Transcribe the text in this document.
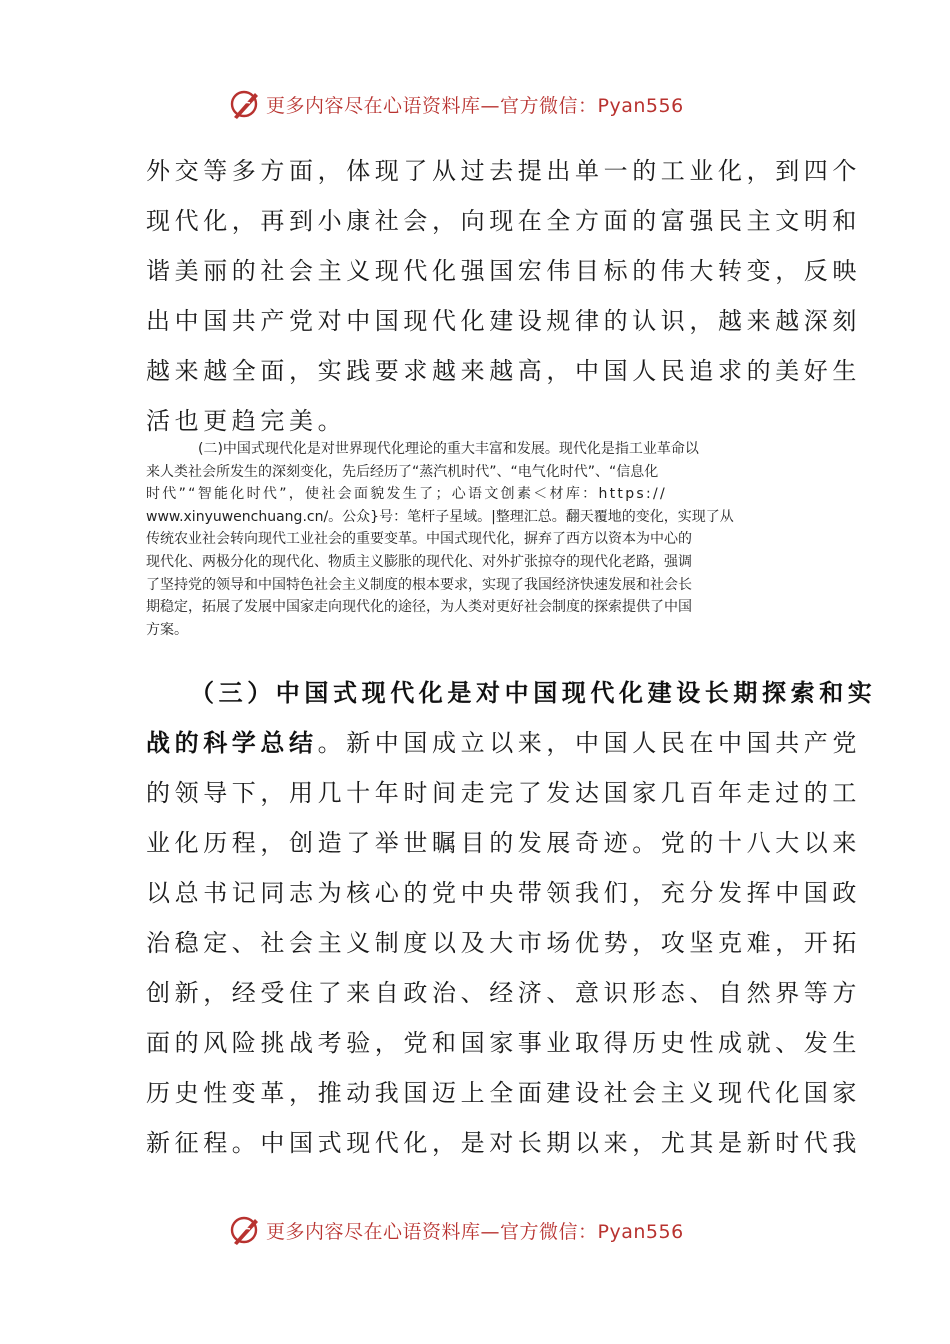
更多内容尽在心语资料库—官方微信：Pyan556
外交等多方面，体现了从过去提出单一的工业化，到四个
现代化，再到小康社会，向现在全方面的富强民主文明和
谐美丽的社会主义现代化强国宏伟目标的伟大转变，反映
出中国共产党对中国现代化建设规律的认识，越来越深刻
越来越全面，实践要求越来越高，中国人民追求的美好生
活也更趋完美。
(二)中国式现代化是对世界现代化理论的重大丰富和发展。现代化是指工业革命以
来人类社会所发生的深刻变化，先后经历了“蒸汽机时代”、“电气化时代”、“信息化
时代”“智能化时代”，使社会面貌发生了；心语文创素＜材库：https://
www.xinyuwenchuang.cn/。公众}号：笔杆子星域。|整理汇总。翻天覆地的变化，实现了从
传统农业社会转向现代工业社会的重要变革。中国式现代化，摒弃了西方以资本为中心的
现代化、两极分化的现代化、物质主义膨胀的现代化、对外扩张掠夺的现代化老路，强调
了坚持党的领导和中国特色社会主义制度的根本要求，实现了我国经济快速发展和社会长
期稳定，拓展了发展中国家走向现代化的途径，为人类对更好社会制度的探索提供了中国
方案。
（三）中国式现代化是对中国现代化建设长期探索和实
战的科学总结。新中国成立以来，中国人民在中国共产党
的领导下，用几十年时间走完了发达国家几百年走过的工
业化历程，创造了举世瞩目的发展奇迹。党的十八大以来
以总书记同志为核心的党中央带领我们，充分发挥中国政
治稳定、社会主义制度以及大市场优势，攻坚克难，开拓
创新，经受住了来自政治、经济、意识形态、自然界等方
面的风险挑战考验，党和国家事业取得历史性成就、发生
历史性变革，推动我国迈上全面建设社会主义现代化国家
新征程。中国式现代化，是对长期以来，尤其是新时代我
更多内容尽在心语资料库—官方微信：Pyan556
